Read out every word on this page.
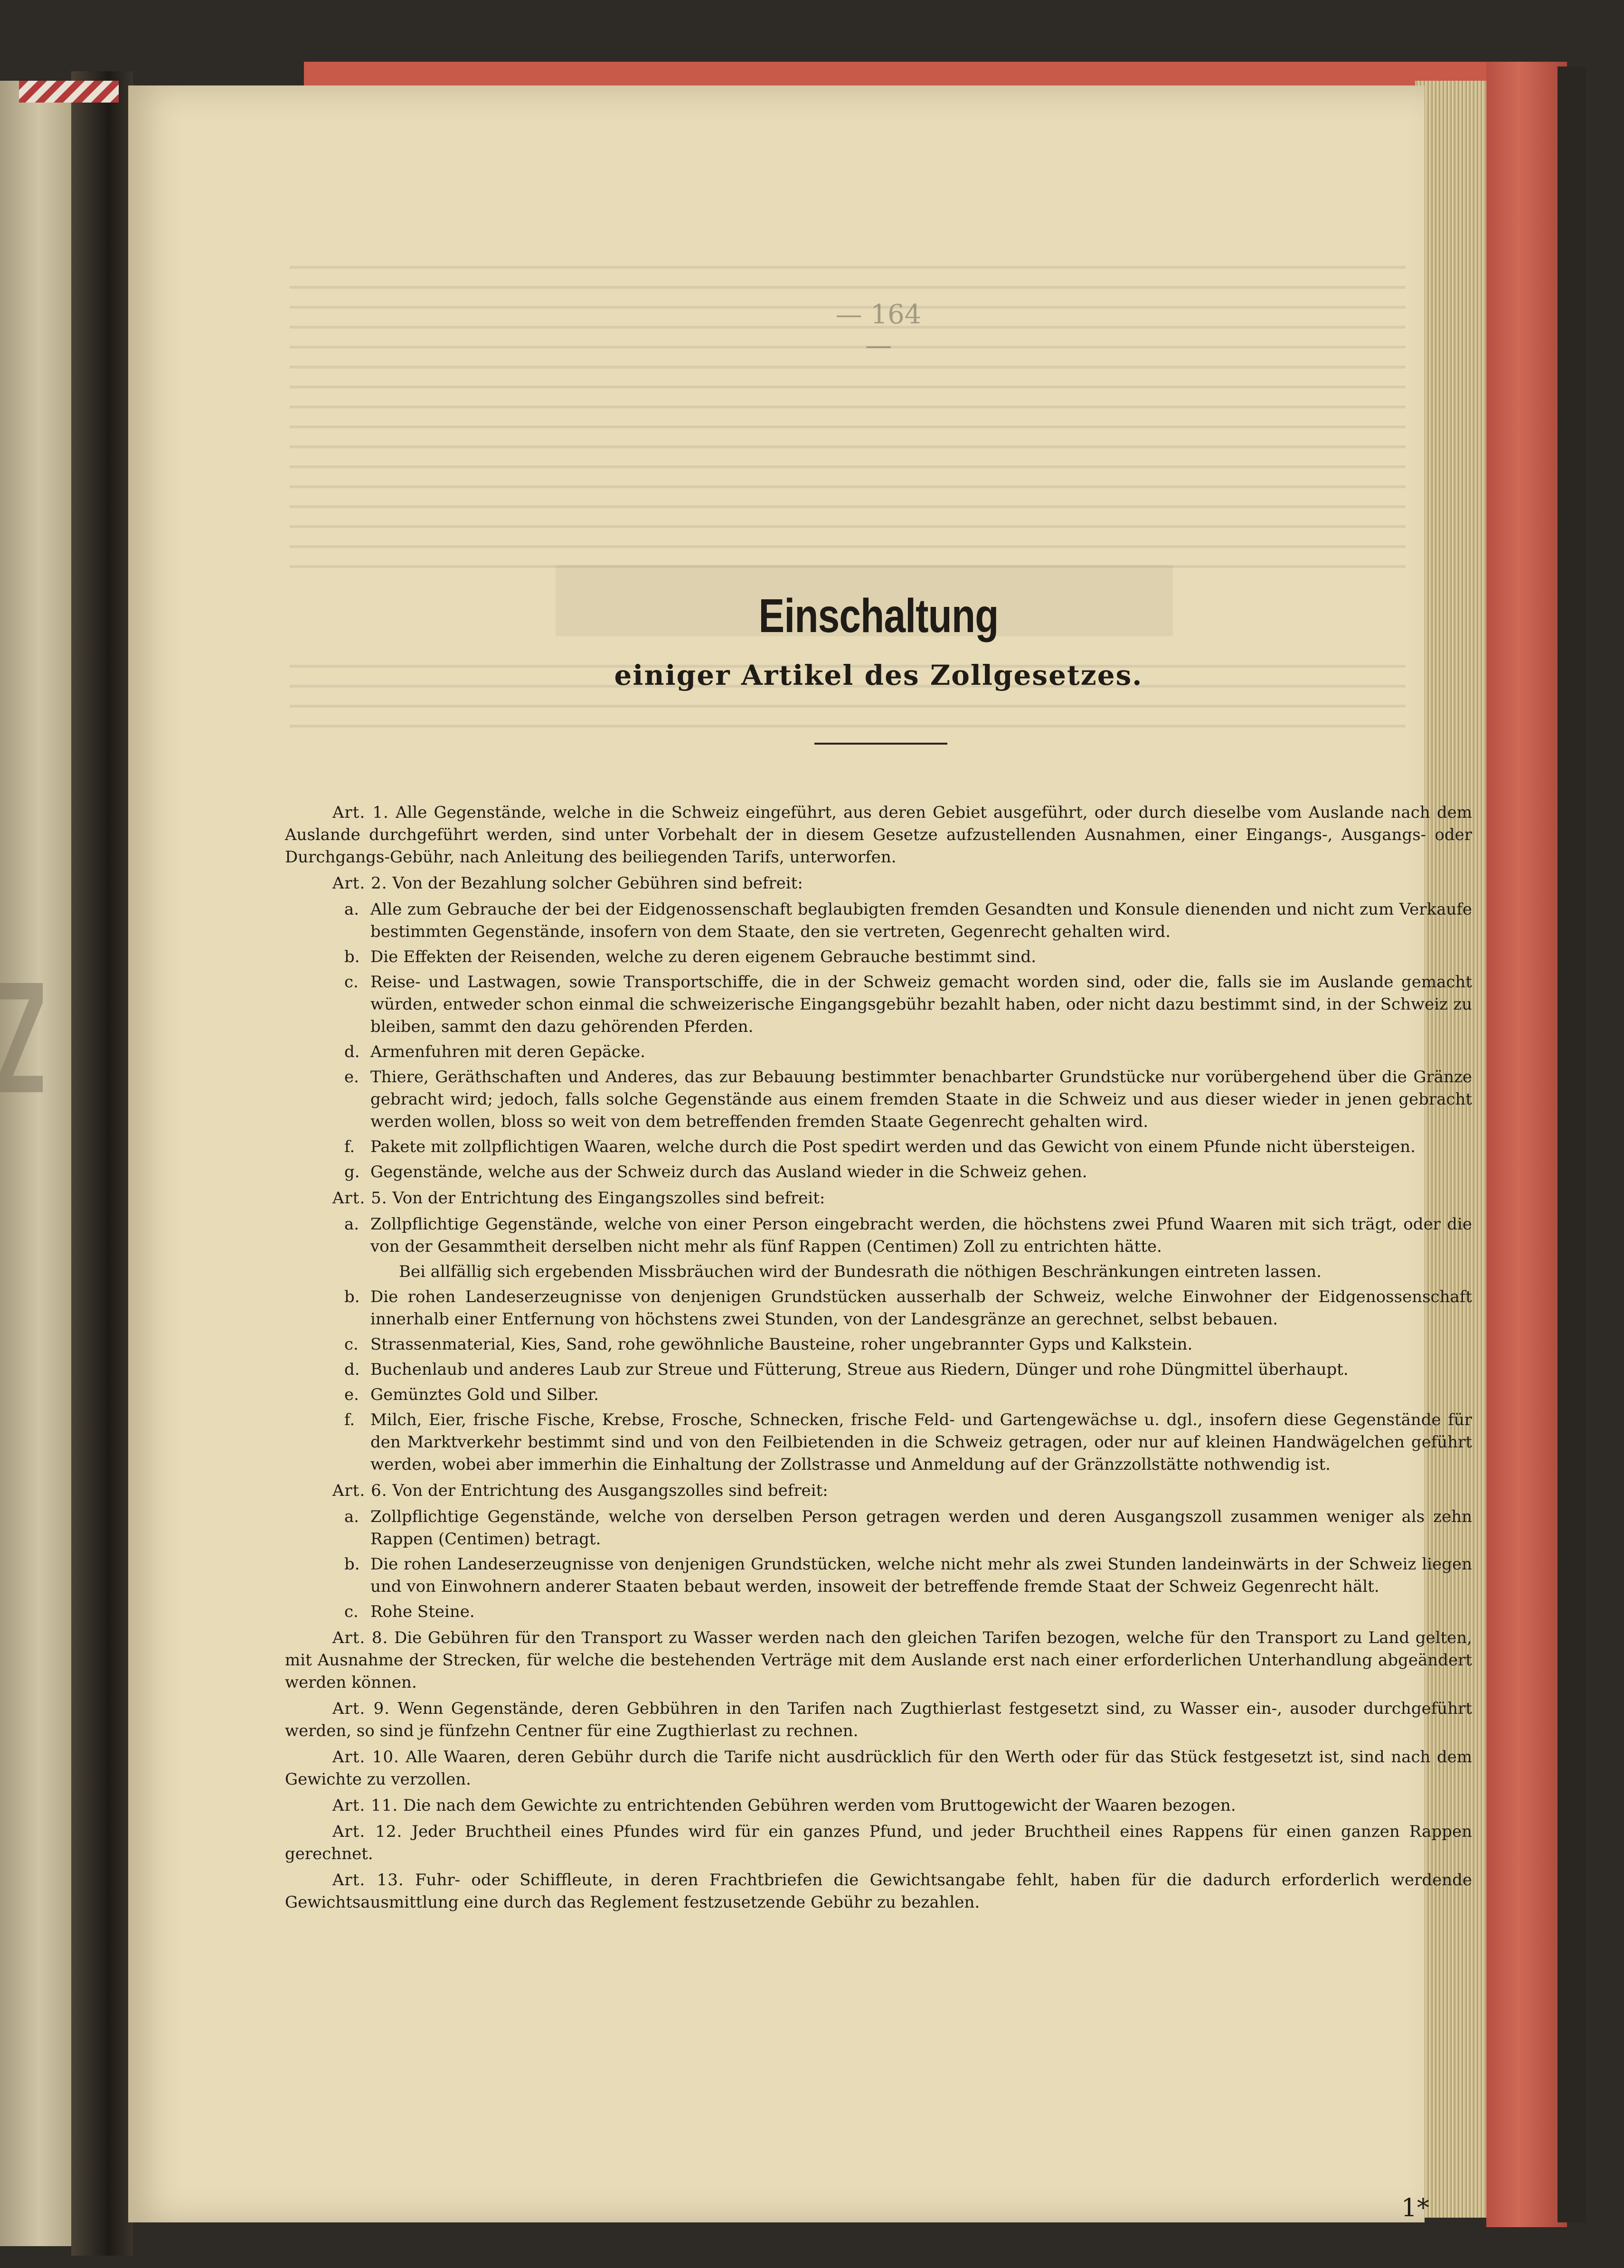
— 164 —
Einschaltung
einiger Artikel des Zollgesetzes.

Art. 1. Alle Gegenstände, welche in die Schweiz eingeführt, aus deren Gebiet ausgeführt, oder durch dieselbe vom Auslande nach dem Auslande durchgeführt werden, sind unter Vorbehalt der in diesem Gesetze aufzustellenden Ausnahmen, einer Eingangs-, Ausgangs- oder Durchgangs-Gebühr, nach Anleitung des beiliegenden Tarifs, unterworfen.

Art. 2. Von der Bezahlung solcher Gebühren sind befreit:

a. Alle zum Gebrauche der bei der Eidgenossenschaft beglaubigten fremden Gesandten und Konsule dienenden und nicht zum Verkaufe bestimmten Gegenstände, insofern von dem Staate, den sie vertreten, Gegenrecht gehalten wird.
b. Die Effekten der Reisenden, welche zu deren eigenem Gebrauche bestimmt sind.
c. Reise- und Lastwagen, sowie Transportschiffe, die in der Schweiz gemacht worden sind, oder die, falls sie im Auslande gemacht würden, entweder schon einmal die schweizerische Eingangsgebühr bezahlt haben, oder nicht dazu bestimmt sind, in der Schweiz zu bleiben, sammt den dazu gehörenden Pferden.
d. Armenfuhren mit deren Gepäcke.
e. Thiere, Geräthschaften und Anderes, das zur Bebauung bestimmter benachbarter Grundstücke nur vorübergehend über die Gränze gebracht wird; jedoch, falls solche Gegenstände aus einem fremden Staate in die Schweiz und aus dieser wieder in jenen gebracht werden wollen, bloss so weit von dem betreffenden fremden Staate Gegenrecht gehalten wird.
f. Pakete mit zollpflichtigen Waaren, welche durch die Post spedirt werden und das Gewicht von einem Pfunde nicht übersteigen.
g. Gegenstände, welche aus der Schweiz durch das Ausland wieder in die Schweiz gehen.

Art. 5. Von der Entrichtung des Eingangszolles sind befreit:

a. Zollpflichtige Gegenstände, welche von einer Person eingebracht werden, die höchstens zwei Pfund Waaren mit sich trägt, oder die von der Gesammtheit derselben nicht mehr als fünf Rappen (Centimen) Zoll zu entrichten hätte.

Bei allfällig sich ergebenden Missbräuchen wird der Bundesrath die nöthigen Beschränkungen eintreten lassen.

b. Die rohen Landeserzeugnisse von denjenigen Grundstücken ausserhalb der Schweiz, welche Einwohner der Eidgenossenschaft innerhalb einer Entfernung von höchstens zwei Stunden, von der Landesgränze an gerechnet, selbst bebauen.
c. Strassenmaterial, Kies, Sand, rohe gewöhnliche Bausteine, roher ungebrannter Gyps und Kalkstein.
d. Buchenlaub und anderes Laub zur Streue und Fütterung, Streue aus Riedern, Dünger und rohe Düngmittel überhaupt.
e. Gemünztes Gold und Silber.
f. Milch, Eier, frische Fische, Krebse, Frosche, Schnecken, frische Feld- und Gartengewächse u. dgl., insofern diese Gegenstände für den Marktverkehr bestimmt sind und von den Feilbietenden in die Schweiz getragen, oder nur auf kleinen Handwägelchen geführt werden, wobei aber immerhin die Einhaltung der Zollstrasse und Anmeldung auf der Gränzzollstätte nothwendig ist.

Art. 6. Von der Entrichtung des Ausgangszolles sind befreit:

a. Zollpflichtige Gegenstände, welche von derselben Person getragen werden und deren Ausgangszoll zusammen weniger als zehn Rappen (Centimen) betragt.
b. Die rohen Landeserzeugnisse von denjenigen Grundstücken, welche nicht mehr als zwei Stunden landeinwärts in der Schweiz liegen und von Einwohnern anderer Staaten bebaut werden, insoweit der betreffende fremde Staat der Schweiz Gegenrecht hält.
c. Rohe Steine.

Art. 8. Die Gebühren für den Transport zu Wasser werden nach den gleichen Tarifen bezogen, welche für den Transport zu Land gelten, mit Ausnahme der Strecken, für welche die bestehenden Verträge mit dem Auslande erst nach einer erforderlichen Unterhandlung abgeändert werden können.

Art. 9. Wenn Gegenstände, deren Gebbühren in den Tarifen nach Zugthierlast festgesetzt sind, zu Wasser ein-, ausoder durchgeführt werden, so sind je fünfzehn Centner für eine Zugthierlast zu rechnen.

Art. 10. Alle Waaren, deren Gebühr durch die Tarife nicht ausdrücklich für den Werth oder für das Stück festgesetzt ist, sind nach dem Gewichte zu verzollen.

Art. 11. Die nach dem Gewichte zu entrichtenden Gebühren werden vom Bruttogewicht der Waaren bezogen.

Art. 12. Jeder Bruchtheil eines Pfundes wird für ein ganzes Pfund, und jeder Bruchtheil eines Rappens für einen ganzen Rappen gerechnet.

Art. 13. Fuhr- oder Schiffleute, in deren Frachtbriefen die Gewichtsangabe fehlt, haben für die dadurch erforderlich werdende Gewichtsausmittlung eine durch das Reglement festzusetzende Gebühr zu bezahlen.

1*
